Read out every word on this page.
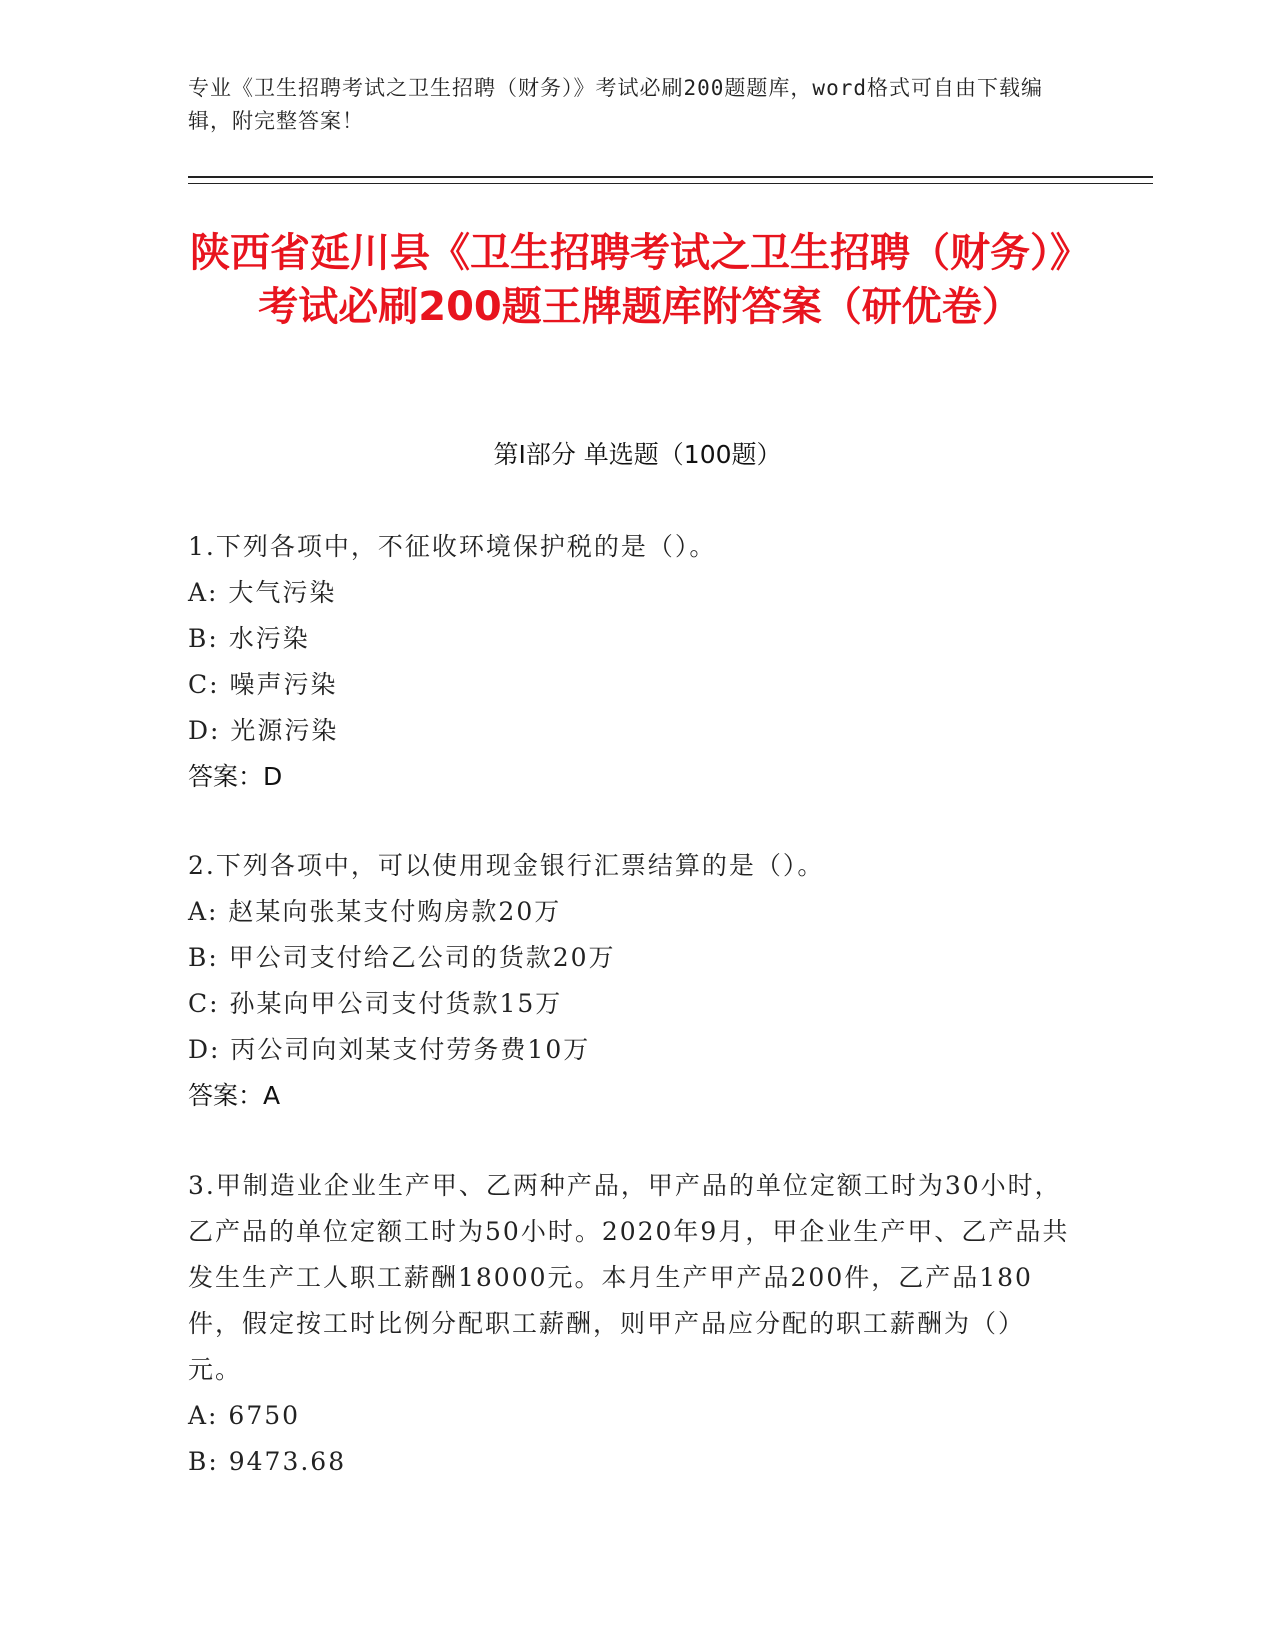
专业《卫生招聘考试之卫生招聘（财务）》考试必刷200题题库，word格式可自由下载编辑，附完整答案！
陕西省延川县《卫生招聘考试之卫生招聘（财务）》考试必刷200题王牌题库附答案（研优卷）
第I部分 单选题（100题）
1.下列各项中，不征收环境保护税的是（）。
A: 大气污染
B: 水污染
C: 噪声污染
D: 光源污染
答案：D
2.下列各项中，可以使用现金银行汇票结算的是（）。
A: 赵某向张某支付购房款20万
B: 甲公司支付给乙公司的货款20万
C: 孙某向甲公司支付货款15万
D: 丙公司向刘某支付劳务费10万
答案：A
3.甲制造业企业生产甲、乙两种产品，甲产品的单位定额工时为30小时，乙产品的单位定额工时为50小时。2020年9月，甲企业生产甲、乙产品共发生生产工人职工薪酬18000元。本月生产甲产品200件，乙产品180件，假定按工时比例分配职工薪酬，则甲产品应分配的职工薪酬为（）元。
A: 6750
B: 9473.68
